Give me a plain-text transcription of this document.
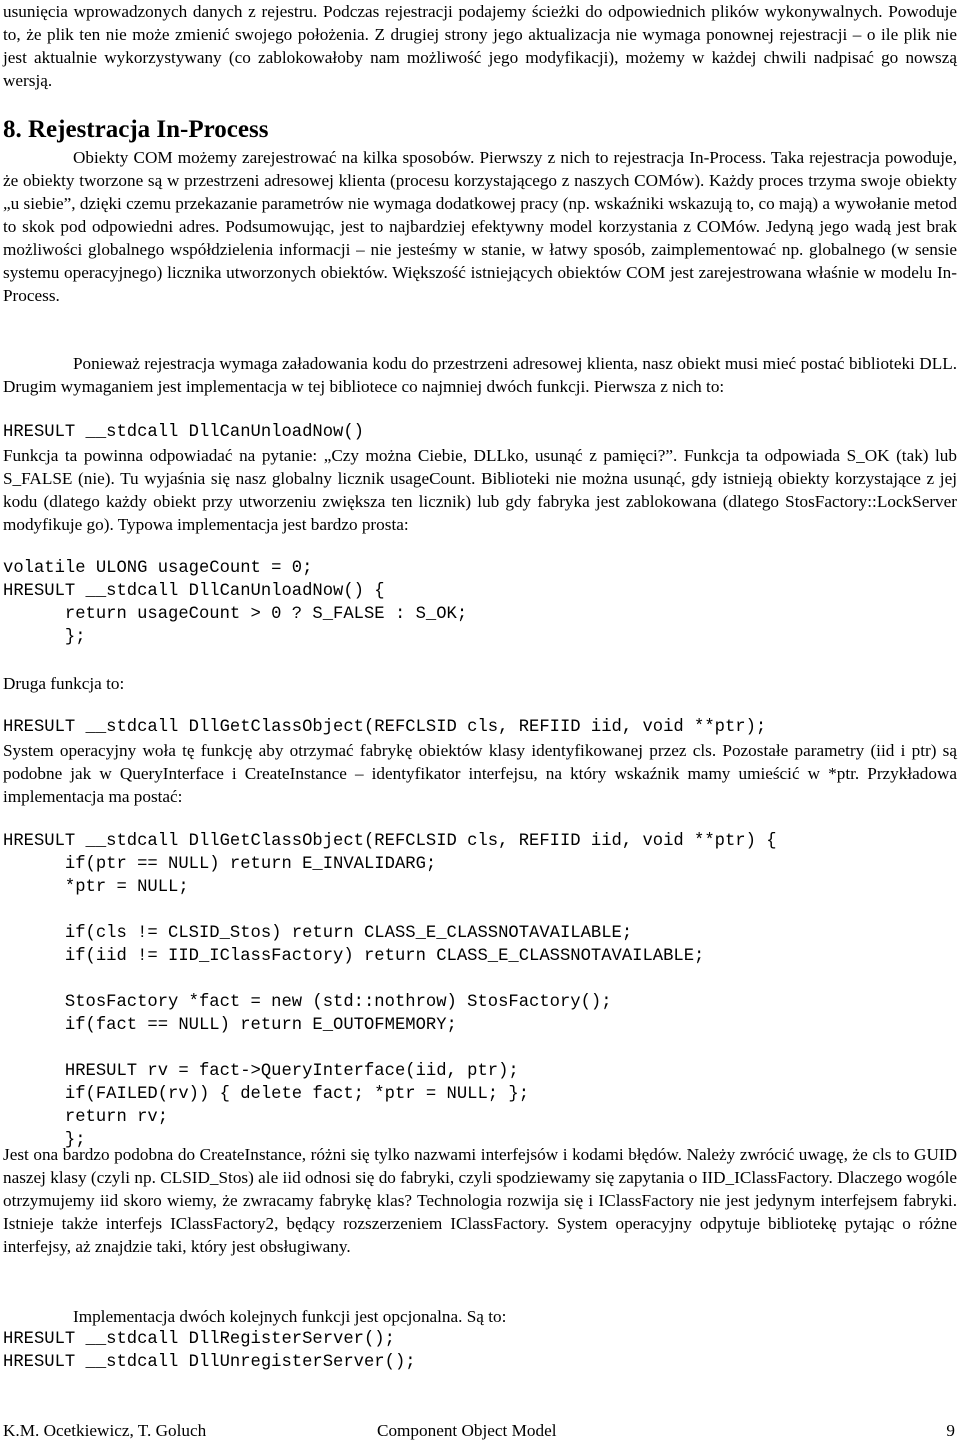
usunięcia wprowadzonych danych z rejestru. Podczas rejestracji podajemy ścieżki do odpowiednich plików wykonywalnych. Powoduje to, że plik ten nie może zmienić swojego położenia. Z drugiej strony jego aktualizacja nie wymaga ponownej rejestracji – o ile plik nie jest aktualnie wykorzystywany (co zablokowałoby nam możliwość jego modyfikacji), możemy w każdej chwili nadpisać go nowszą wersją.

8. Rejestracja In-Process

Obiekty COM możemy zarejestrować na kilka sposobów. Pierwszy z nich to rejestracja In-Process. Taka rejestracja powoduje, że obiekty tworzone są w przestrzeni adresowej klienta (procesu korzystającego z naszych COMów). Każdy proces trzyma swoje obiekty „u siebie”, dzięki czemu przekazanie parametrów nie wymaga dodatkowej pracy (np. wskaźniki wskazują to, co mają) a wywołanie metod to skok pod odpowiedni adres. Podsumowując, jest to najbardziej efektywny model korzystania z COMów. Jedyną jego wadą jest brak możliwości globalnego współdzielenia informacji – nie jesteśmy w stanie, w łatwy sposób, zaimplementować np. globalnego (w sensie systemu operacyjnego) licznika utworzonych obiektów. Większość istniejących obiektów COM jest zarejestrowana właśnie w modelu In-Process.

Ponieważ rejestracja wymaga załadowania kodu do przestrzeni adresowej klienta, nasz obiekt musi mieć postać biblioteki DLL. Drugim wymaganiem jest implementacja w tej bibliotece co najmniej dwóch funkcji. Pierwsza z nich to:

HRESULT __stdcall DllCanUnloadNow()

Funkcja ta powinna odpowiadać na pytanie: „Czy można Ciebie, DLLko, usunąć z pamięci?”. Funkcja ta odpowiada S_OK (tak) lub S_FALSE (nie). Tu wyjaśnia się nasz globalny licznik usageCount. Biblioteki nie można usunąć, gdy istnieją obiekty korzystające z jej kodu (dlatego każdy obiekt przy utworzeniu zwiększa ten licznik) lub gdy fabryka jest zablokowana (dlatego StosFactory::LockServer modyfikuje go). Typowa implementacja jest bardzo prosta:

volatile ULONG usageCount = 0;
HRESULT __stdcall DllCanUnloadNow() {
return usageCount > 0 ? S_FALSE : S_OK;
};

Druga funkcja to:

HRESULT __stdcall DllGetClassObject(REFCLSID cls, REFIID iid, void **ptr);

System operacyjny woła tę funkcję aby otrzymać fabrykę obiektów klasy identyfikowanej przez cls. Pozostałe parametry (iid i ptr) są podobne jak w QueryInterface i CreateInstance – identyfikator interfejsu, na który wskaźnik mamy umieścić w *ptr. Przykładowa implementacja ma postać:

HRESULT __stdcall DllGetClassObject(REFCLSID cls, REFIID iid, void **ptr) {
if(ptr == NULL) return E_INVALIDARG;
*ptr = NULL;

if(cls != CLSID_Stos) return CLASS_E_CLASSNOTAVAILABLE;
if(iid != IID_IClassFactory) return CLASS_E_CLASSNOTAVAILABLE;

StosFactory *fact = new (std::nothrow) StosFactory();
if(fact == NULL) return E_OUTOFMEMORY;

HRESULT rv = fact->QueryInterface(iid, ptr);
if(FAILED(rv)) { delete fact; *ptr = NULL; };
return rv;
};

Jest ona bardzo podobna do CreateInstance, różni się tylko nazwami interfejsów i kodami błędów. Należy zwrócić uwagę, że cls to GUID naszej klasy (czyli np. CLSID_Stos) ale iid odnosi się do fabryki, czyli spodziewamy się zapytania o IID_IClassFactory. Dlaczego wogóle otrzymujemy iid skoro wiemy, że zwracamy fabrykę klas? Technologia rozwija się i IClassFactory nie jest jedynym interfejsem fabryki. Istnieje także interfejs IClassFactory2, będący rozszerzeniem IClassFactory. System operacyjny odpytuje bibliotekę pytając o różne interfejsy, aż znajdzie taki, który jest obsługiwany.

Implementacja dwóch kolejnych funkcji jest opcjonalna. Są to:

HRESULT __stdcall DllRegisterServer();
HRESULT __stdcall DllUnregisterServer();
K.M. Ocetkiewicz, T. Goluch	Component Object Model	9
